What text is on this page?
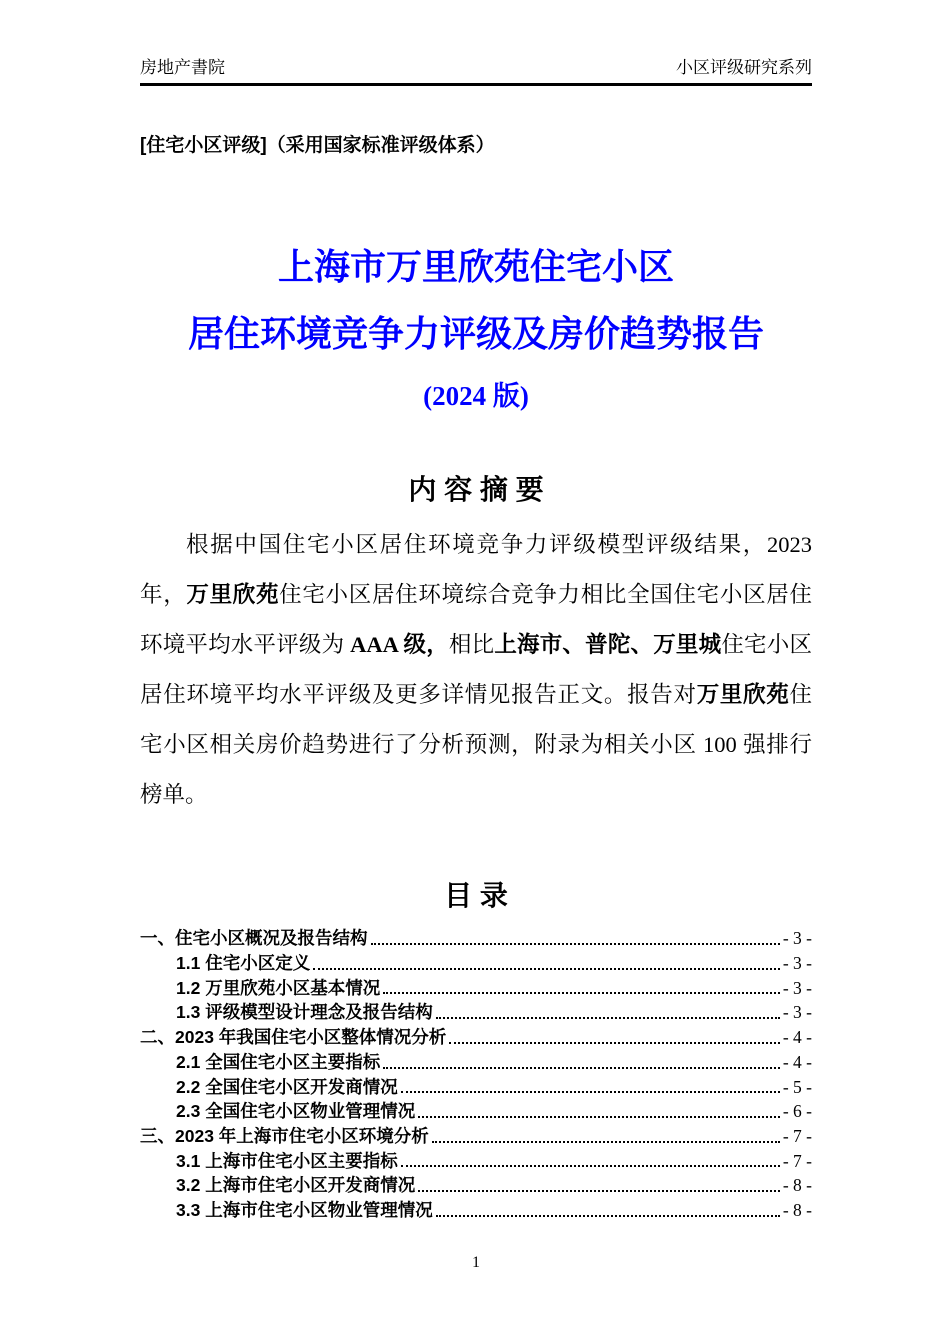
房地产書院	小区评级研究系列
[住宅小区评级]（采用国家标准评级体系）
上海市万里欣苑住宅小区
居住环境竞争力评级及房价趋势报告
(2024 版)
内 容 摘 要

根据中国住宅小区居住环境竞争力评级模型评级结果，2023 年，万里欣苑住宅小区居住环境综合竞争力相比全国住宅小区居住环境平均水平评级为 AAA 级，相比上海市、普陀、万里城住宅小区居住环境平均水平评级及更多详情见报告正文。报告对万里欣苑住宅小区相关房价趋势进行了分析预测，附录为相关小区 100 强排行榜单。

目 录
一、住宅小区概况及报告结构	- 3 -
1.1 住宅小区定义	- 3 -
1.2 万里欣苑小区基本情况	- 3 -
1.3 评级模型设计理念及报告结构	- 3 -
二、2023 年我国住宅小区整体情况分析	- 4 -
2.1 全国住宅小区主要指标	- 4 -
2.2 全国住宅小区开发商情况	- 5 -
2.3 全国住宅小区物业管理情况	- 6 -
三、2023 年上海市住宅小区环境分析	- 7 -
3.1 上海市住宅小区主要指标	- 7 -
3.2 上海市住宅小区开发商情况	- 8 -
3.3 上海市住宅小区物业管理情况	- 8 -
1
